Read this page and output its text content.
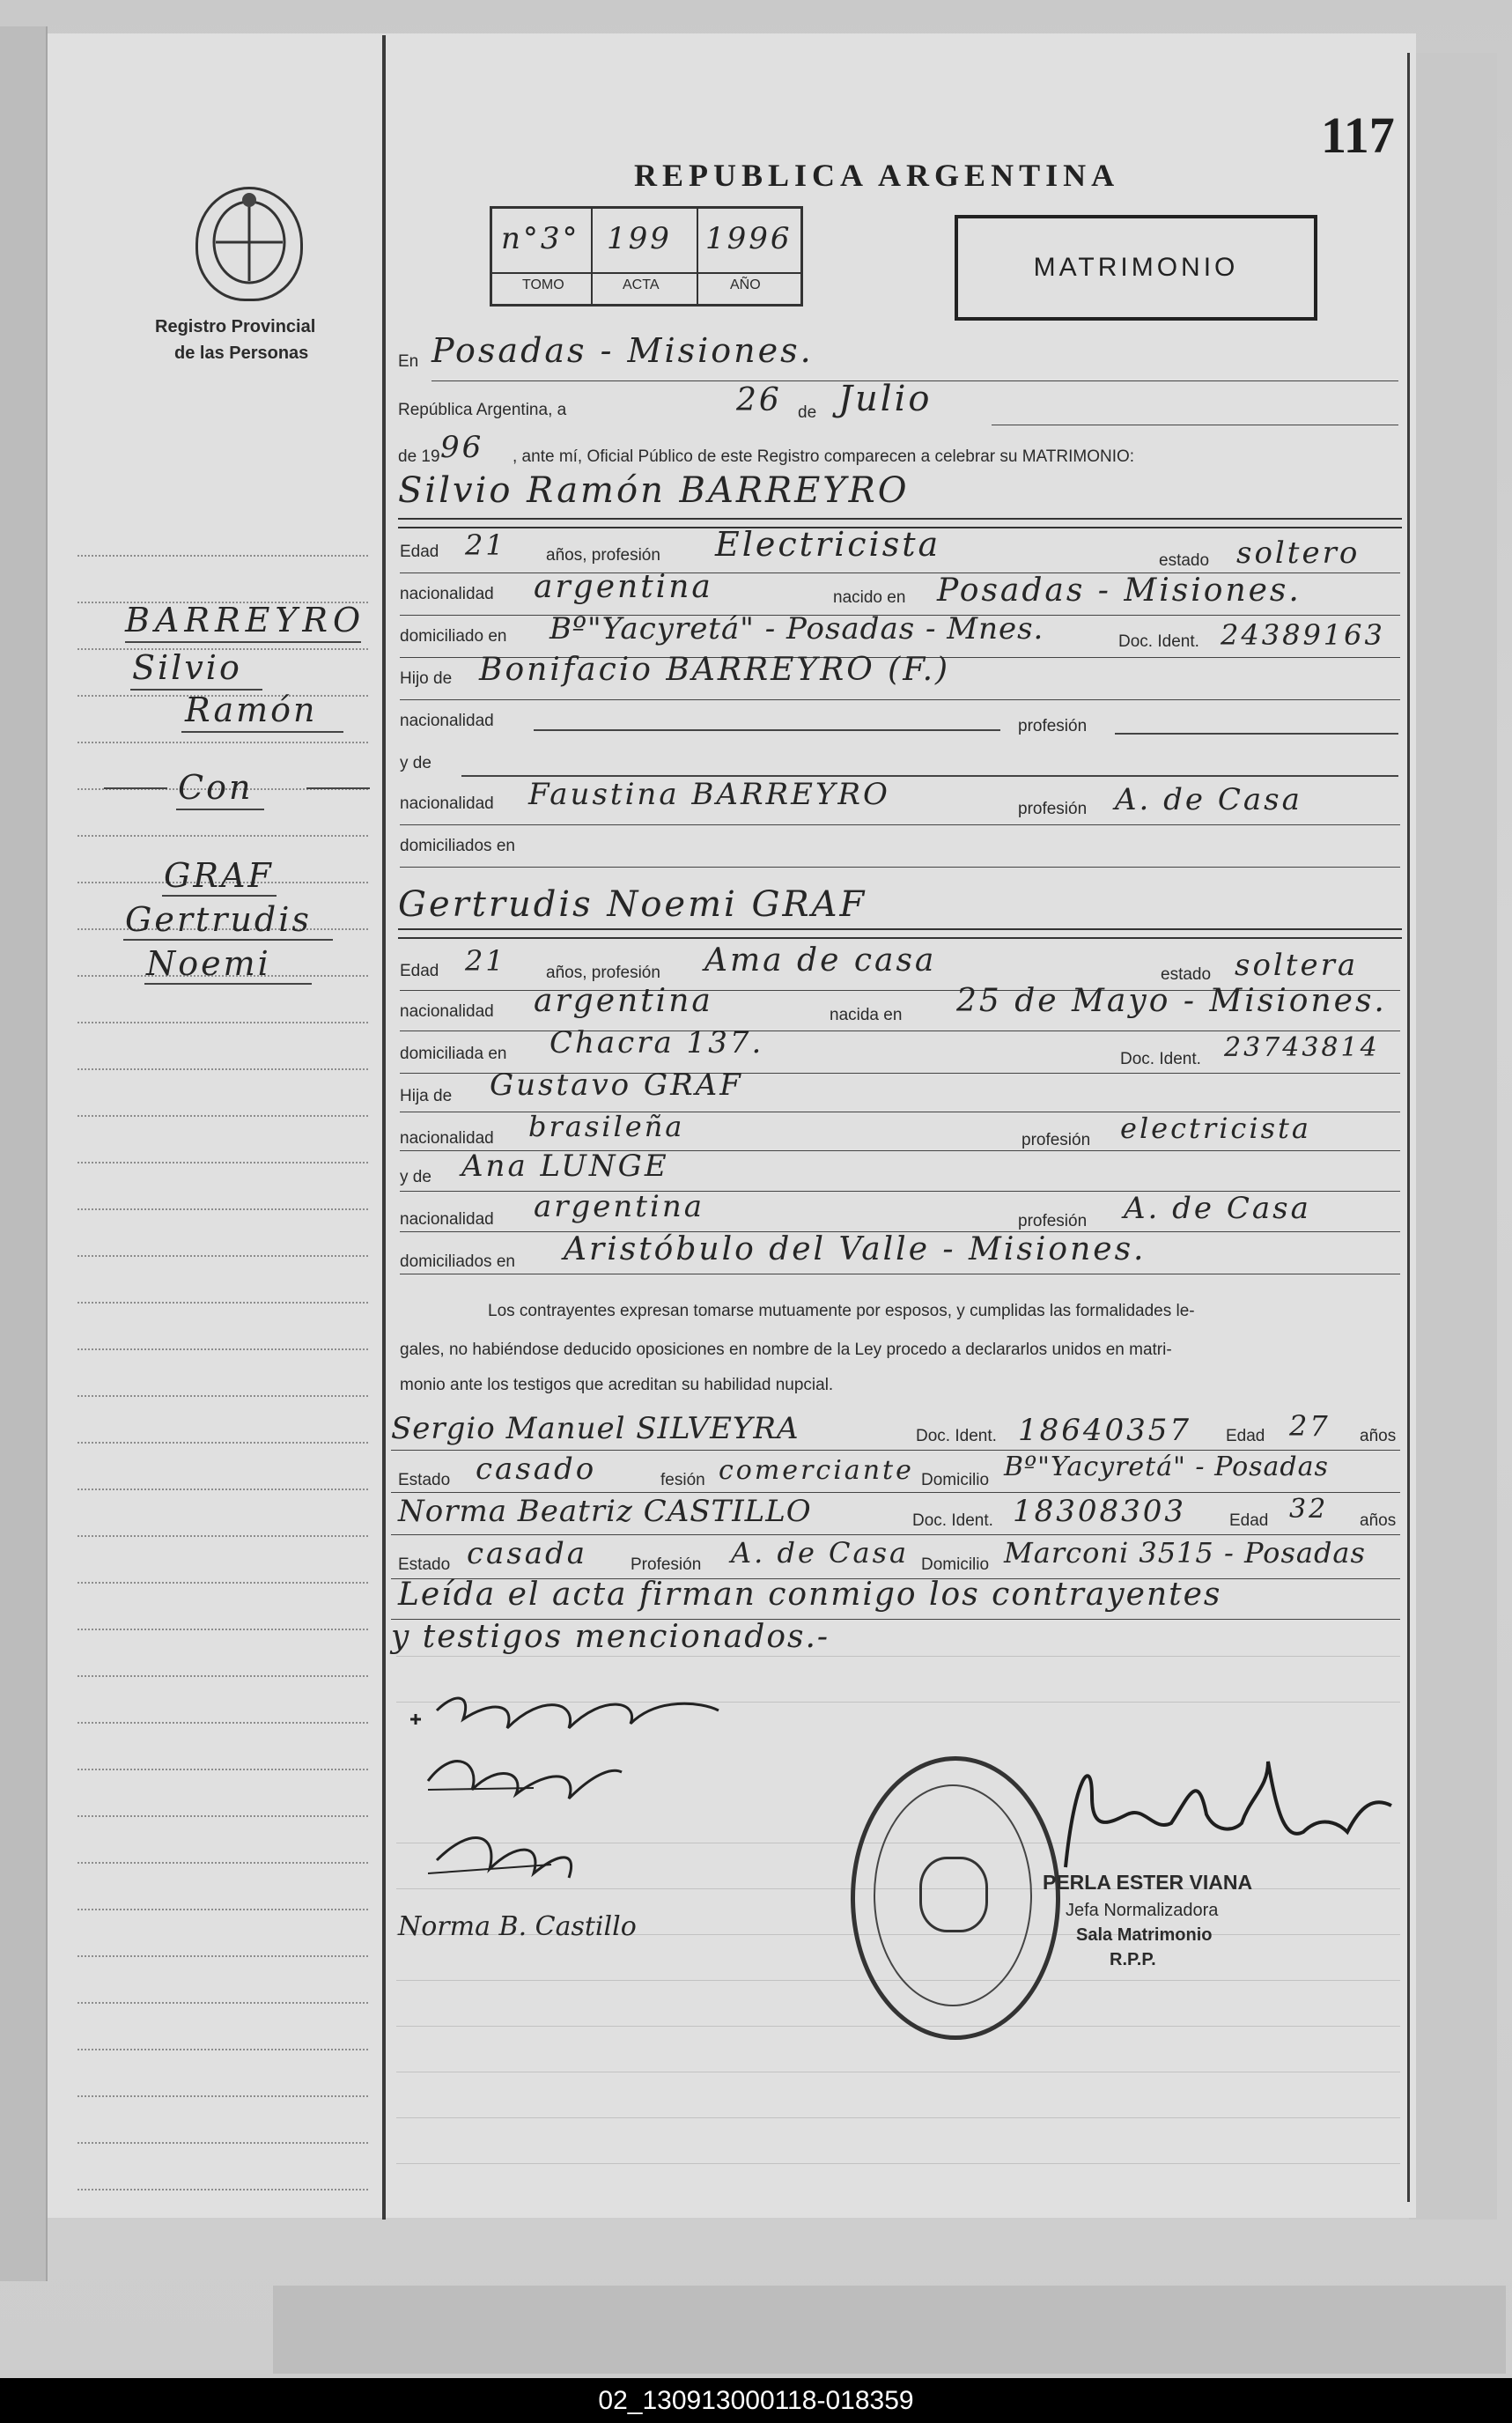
117
REPUBLICA ARGENTINA
Registro Provincial
de las Personas
n°3° 199 1996
TOMO	ACTA	AÑO
MATRIMONIO
BARREYRO
Silvio
Ramón
Con
GRAF
Gertrudis
Noemi
En Posadas - Misiones.
República Argentina, a	26 de Julio
de 19 96 , ante mí, Oficial Público de este Registro comparecen a celebrar su MATRIMONIO:
Silvio Ramón BARREYRO
Edad 21 años, profesión Electricista	estado soltero
nacionalidad argentina	nacido en Posadas - Misiones.
domiciliado en Bº"Yacyretá" - Posadas - Mnes.	Doc. Ident. 24389163
Hijo de Bonifacio BARREYRO (F.)
nacionalidad	profesión
y de
nacionalidad Faustina BARREYRO	profesión A. de Casa
domiciliados en
Gertrudis Noemi GRAF
Edad 21 años, profesión Ama de casa	estado soltera
nacionalidad argentina	nacida en 25 de Mayo - Misiones.
domiciliada en Chacra 137.	Doc. Ident. 23743814
Hija de Gustavo GRAF
nacionalidad brasileña	profesión electricista
y de Ana LUNGE
nacionalidad argentina	profesión A. de Casa
domiciliados en Aristóbulo del Valle - Misiones.
Los contrayentes expresan tomarse mutuamente por esposos, y cumplidas las formalidades le-
gales, no habiéndose deducido oposiciones en nombre de la Ley procedo a declararlos unidos en matri-
monio ante los testigos que acreditan su habilidad nupcial.
Sergio Manuel SILVEYRA	Doc. Ident. 18640357 Edad 27 años
Estado casado	fesión comerciante Domicilio Bº"Yacyretá" - Posadas
Norma Beatriz CASTILLO	Doc. Ident. 18308303	Edad 32 años
Estado casada	Profesión A. de Casa Domicilio Marconi 3515 - Posadas
Leída el acta firman conmigo los contrayentes
y testigos mencionados.-
Norma B. Castillo
PERLA ESTER VIANA
Jefa Normalizadora
Sala Matrimonio
R.P.P.
02_130913000118-018359
